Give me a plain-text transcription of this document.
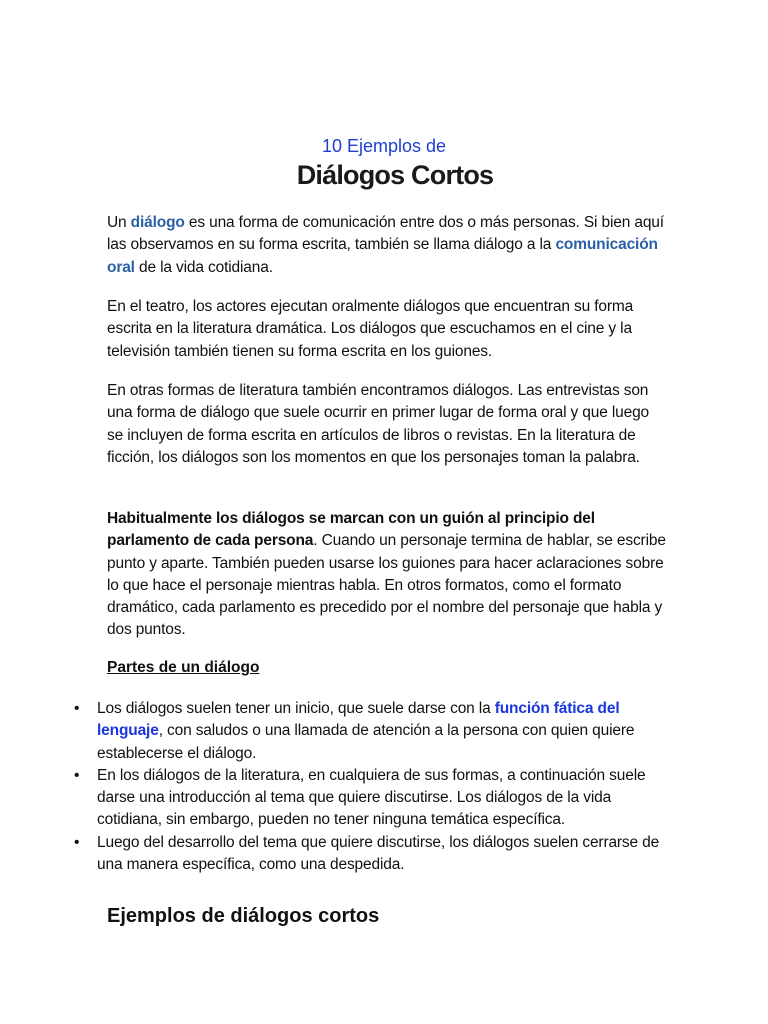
10 Ejemplos de
Diálogos Cortos

Un diálogo es una forma de comunicación entre dos o más personas. Si bien aquí las observamos en su forma escrita, también se llama diálogo a la comunicación oral de la vida cotidiana.

En el teatro, los actores ejecutan oralmente diálogos que encuentran su forma escrita en la literatura dramática. Los diálogos que escuchamos en el cine y la televisión también tienen su forma escrita en los guiones.

En otras formas de literatura también encontramos diálogos. Las entrevistas son una forma de diálogo que suele ocurrir en primer lugar de forma oral y que luego se incluyen de forma escrita en artículos de libros o revistas. En la literatura de ficción, los diálogos son los momentos en que los personajes toman la palabra.

Habitualmente los diálogos se marcan con un guión al principio del parlamento de cada persona. Cuando un personaje termina de hablar, se escribe punto y aparte. También pueden usarse los guiones para hacer aclaraciones sobre lo que hace el personaje mientras habla. En otros formatos, como el formato dramático, cada parlamento es precedido por el nombre del personaje que habla y dos puntos.

Partes de un diálogo
• Los diálogos suelen tener un inicio, que suele darse con la función fática del lenguaje, con saludos o una llamada de atención a la persona con quien quiere establecerse el diálogo.
• En los diálogos de la literatura, en cualquiera de sus formas, a continuación suele darse una introducción al tema que quiere discutirse. Los diálogos de la vida cotidiana, sin embargo, pueden no tener ninguna temática específica.
• Luego del desarrollo del tema que quiere discutirse, los diálogos suelen cerrarse de una manera específica, como una despedida.
Ejemplos de diálogos cortos
